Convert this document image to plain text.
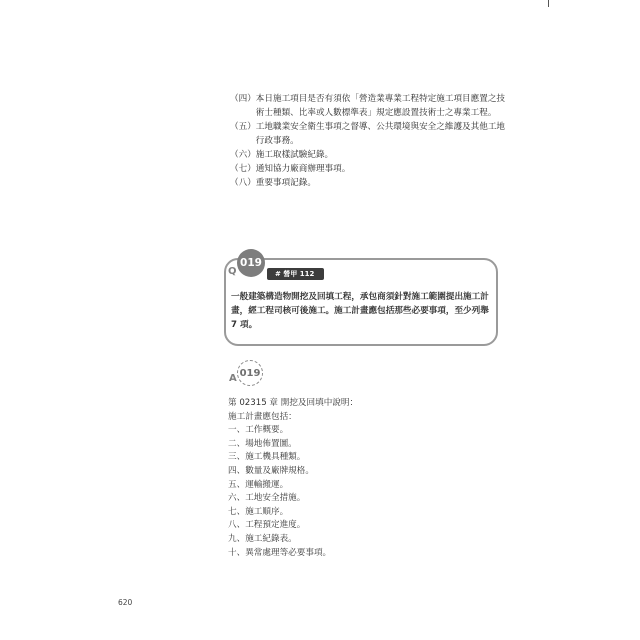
（四） 本日施工項目是否有須依「營造業專業工程特定施工項目應置之技術士種類、比率或人數標準表」規定應設置技術士之專業工程。
（五） 工地職業安全衛生事項之督導、公共環境與安全之維護及其他工地行政事務。
（六） 施工取樣試驗紀錄。
（七） 通知協力廠商辦理事項。
（八） 重要事項記錄。
Q
019
# 營甲 112
一般建築構造物開挖及回填工程，承包商須針對施工範圍提出施工計畫，經工程司核可後施工。施工計畫應包括那些必要事項，至少列舉 7 項。
A 019
第 02315 章 開挖及回填中說明：
施工計畫應包括：
一、工作概要。
二、場地佈置圖。
三、施工機具種類。
四、數量及廠牌規格。
五、運輸搬運。
六、工地安全措施。
七、施工順序。
八、工程預定進度。
九、施工紀錄表。
十、異常處理等必要事項。
620
